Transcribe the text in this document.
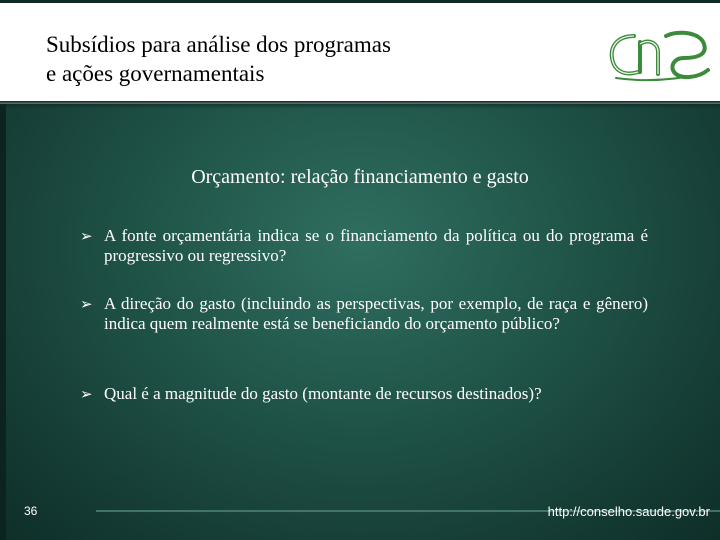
Subsídios para análise dos programas
e ações governamentais
Orçamento: relação financiamento e gasto
➢ A fonte orçamentária indica se o financiamento da política ou do programa é progressivo ou regressivo?
➢ A direção do gasto (incluindo as perspectivas, por exemplo, de raça e gênero) indica quem realmente está se beneficiando do orçamento público?
➢ Qual é a magnitude do gasto (montante de recursos destinados)?
36	http://conselho.saude.gov.br
